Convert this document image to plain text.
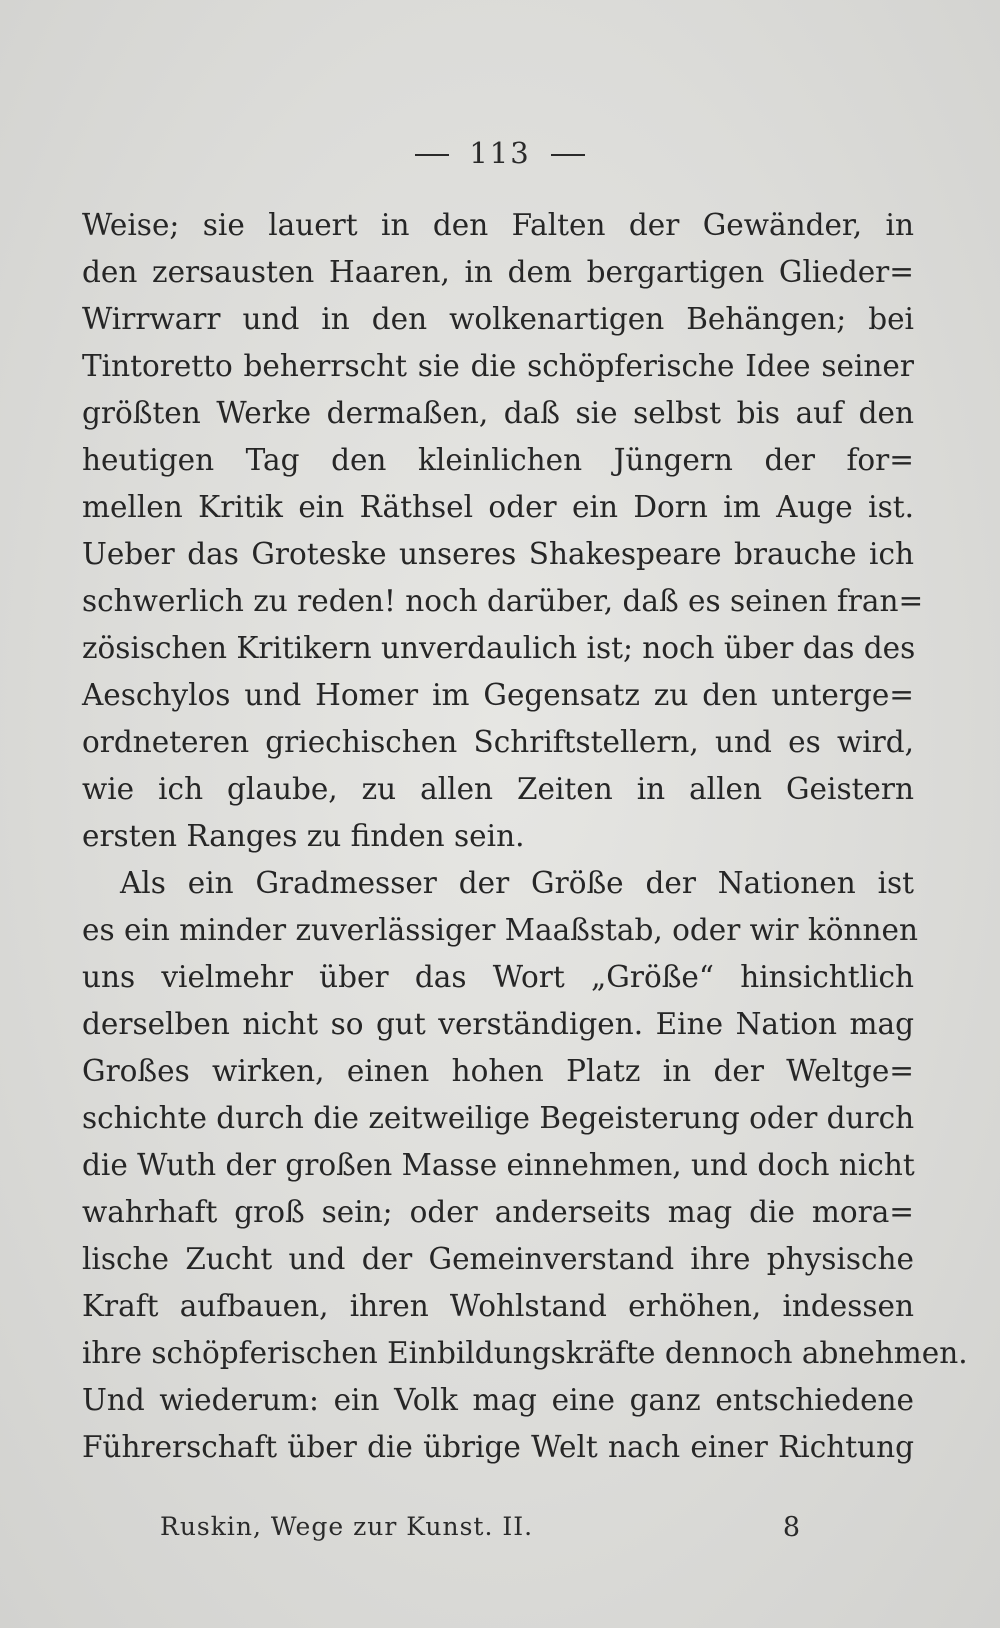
113
Weise; sie lauert in den Falten der Gewänder, in
den zersausten Haaren, in dem bergartigen Glieder=
Wirrwarr und in den wolkenartigen Behängen; bei
Tintoretto beherrscht sie die schöpferische Idee seiner
größten Werke dermaßen, daß sie selbst bis auf den
heutigen Tag den kleinlichen Jüngern der for=
mellen Kritik ein Räthsel oder ein Dorn im Auge ist.
Ueber das Groteske unseres Shakespeare brauche ich
schwerlich zu reden! noch darüber, daß es seinen fran=
zösischen Kritikern unverdaulich ist; noch über das des
Aeschylos und Homer im Gegensatz zu den unterge=
ordneteren griechischen Schriftstellern, und es wird,
wie ich glaube, zu allen Zeiten in allen Geistern
ersten Ranges zu finden sein.
Als ein Gradmesser der Größe der Nationen ist
es ein minder zuverlässiger Maaßstab, oder wir können
uns vielmehr über das Wort „Größe“ hinsichtlich
derselben nicht so gut verständigen. Eine Nation mag
Großes wirken, einen hohen Platz in der Weltge=
schichte durch die zeitweilige Begeisterung oder durch
die Wuth der großen Masse einnehmen, und doch nicht
wahrhaft groß sein; oder anderseits mag die mora=
lische Zucht und der Gemeinverstand ihre physische
Kraft aufbauen, ihren Wohlstand erhöhen, indessen
ihre schöpferischen Einbildungskräfte dennoch abnehmen.
Und wiederum: ein Volk mag eine ganz entschiedene
Führerschaft über die übrige Welt nach einer Richtung
Ruskin, Wege zur Kunst. II.	8
